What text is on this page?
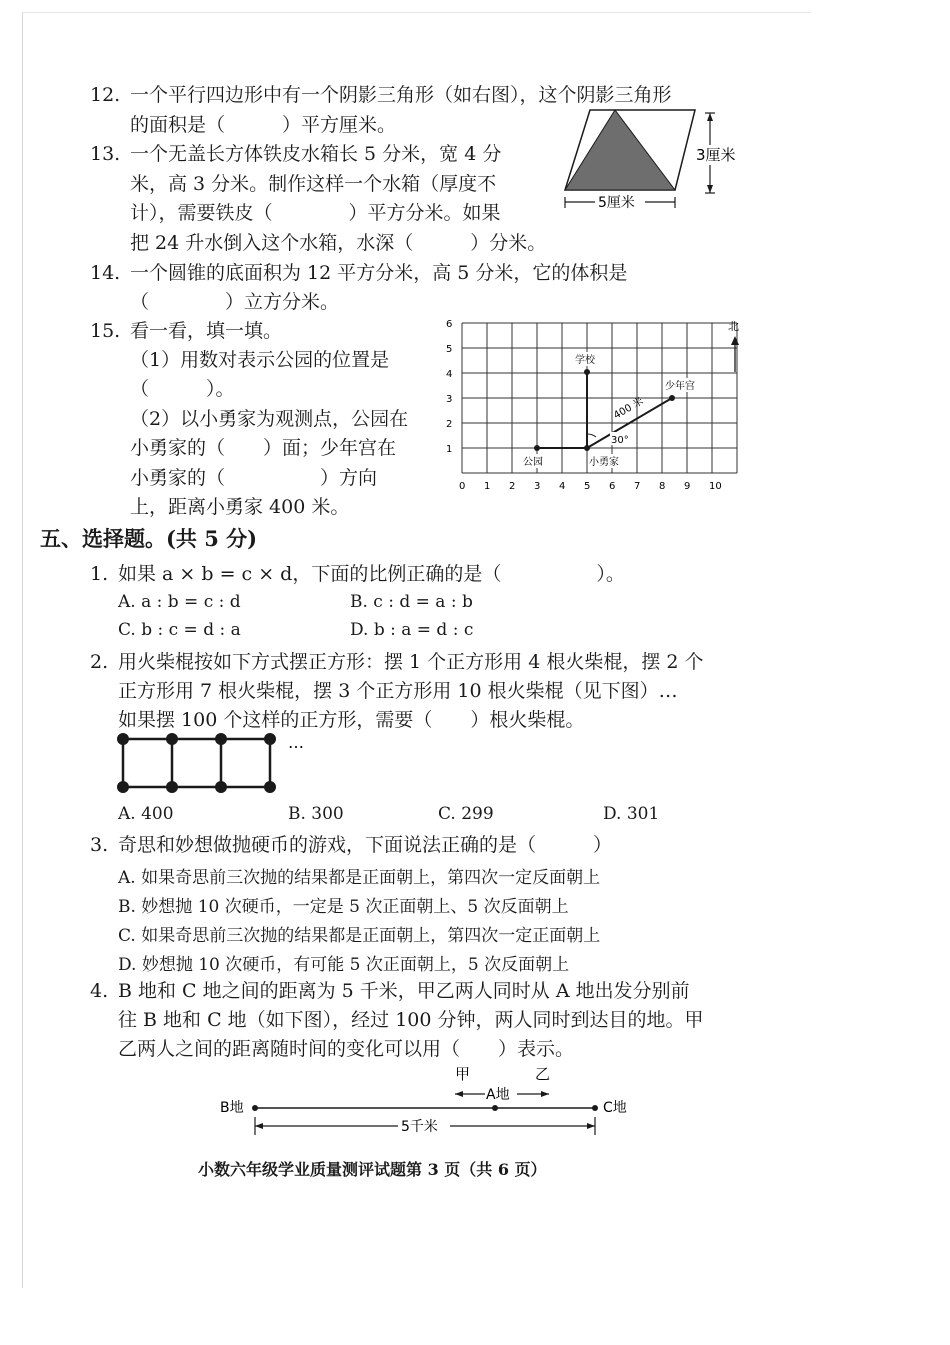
12. 一个平行四边形中有一个阴影三角形（如右图），这个阴影三角形
的面积是（　　　）平方厘米。
3厘米
5厘米
13. 一个无盖长方体铁皮水箱长 5 分米，宽 4 分
米，高 3 分米。制作这样一个水箱（厚度不
计），需要铁皮（　　　　）平方分米。如果
把 24 升水倒入这个水箱，水深（　　　）分米。
14. 一个圆锥的底面积为 12 平方分米，高 5 分米，它的体积是
（　　　　）立方分米。
15. 看一看，填一填。
（1）用数对表示公园的位置是
（　　　）。
（2）以小勇家为观测点，公园在
小勇家的（　　）面；少年宫在
小勇家的（　　　　　）方向
上，距离小勇家 400 米。
0 1 2 3 4 5 6 7 8 9 10
1
2
3
4
5
6
学校
少年宫
公园	小勇家
400 米
30°
北
五、选择题。(共 5 分)
1. 如果 a × b = c × d，下面的比例正确的是（　　　　　）。
A. a : b = c : d	B. c : d = a : b
C. b : c = d : a	D. b : a = d : c
2. 用火柴棍按如下方式摆正方形：摆 1 个正方形用 4 根火柴棍，摆 2 个
正方形用 7 根火柴棍，摆 3 个正方形用 10 根火柴棍（见下图）…
如果摆 100 个这样的正方形，需要（　　）根火柴棍。
…
A. 400	B. 300	C. 299	D. 301
3. 奇思和妙想做抛硬币的游戏，下面说法正确的是（　　　）
A. 如果奇思前三次抛的结果都是正面朝上，第四次一定反面朝上
B. 妙想抛 10 次硬币，一定是 5 次正面朝上、5 次反面朝上
C. 如果奇思前三次抛的结果都是正面朝上，第四次一定正面朝上
D. 妙想抛 10 次硬币，有可能 5 次正面朝上，5 次反面朝上
4. B 地和 C 地之间的距离为 5 千米，甲乙两人同时从 A 地出发分别前
往 B 地和 C 地（如下图），经过 100 分钟，两人同时到达目的地。甲
乙两人之间的距离随时间的变化可以用（　　）表示。
甲	乙
A地
B地	C地
5千米
小数六年级学业质量测评试题第 3 页（共 6 页）
